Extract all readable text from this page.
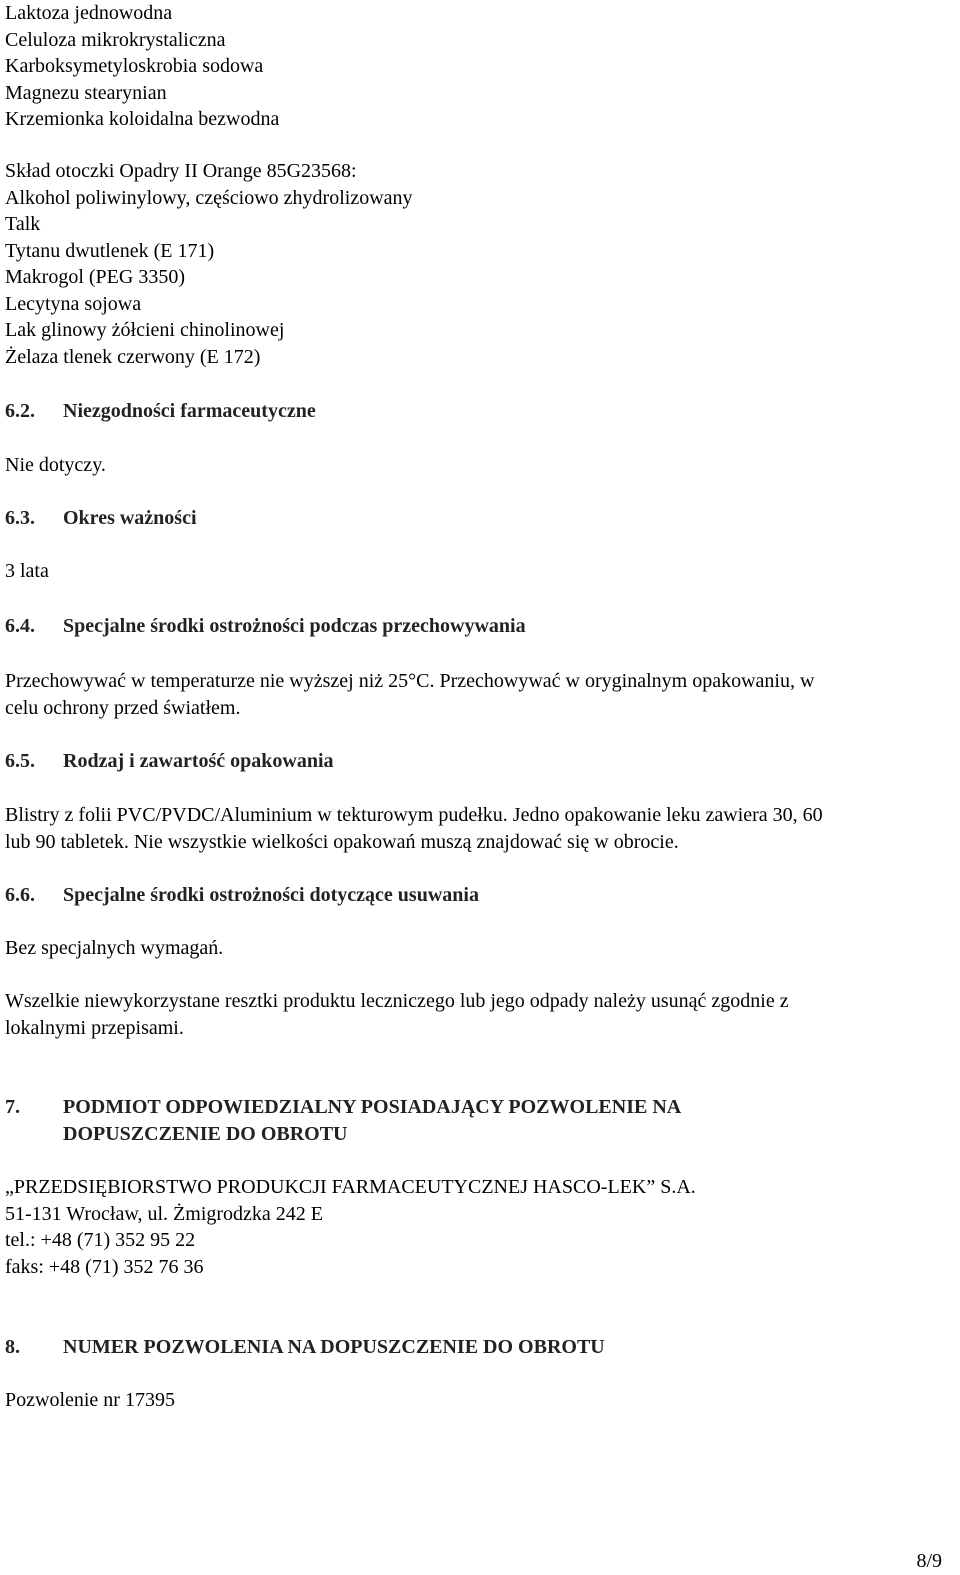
Laktoza jednowodna
Celuloza mikrokrystaliczna
Karboksymetyloskrobia sodowa
Magnezu stearynian
Krzemionka koloidalna bezwodna
Skład otoczki Opadry II Orange 85G23568:
Alkohol poliwinylowy, częściowo zhydrolizowany
Talk
Tytanu dwutlenek (E 171)
Makrogol (PEG 3350)
Lecytyna sojowa
Lak glinowy żółcieni chinolinowej
Żelaza tlenek czerwony (E 172)
6.2. Niezgodności farmaceutyczne
Nie dotyczy.
6.3. Okres ważności
3 lata
6.4. Specjalne środki ostrożności podczas przechowywania
Przechowywać w temperaturze nie wyższej niż 25°C. Przechowywać w oryginalnym opakowaniu, w
celu ochrony przed światłem.
6.5. Rodzaj i zawartość opakowania
Blistry z folii PVC/PVDC/Aluminium w tekturowym pudełku. Jedno opakowanie leku zawiera 30, 60
lub 90 tabletek. Nie wszystkie wielkości opakowań muszą znajdować się w obrocie.
6.6. Specjalne środki ostrożności dotyczące usuwania
Bez specjalnych wymagań.
Wszelkie niewykorzystane resztki produktu leczniczego lub jego odpady należy usunąć zgodnie z
lokalnymi przepisami.
7. PODMIOT ODPOWIEDZIALNY POSIADAJĄCY POZWOLENIE NA
DOPUSZCZENIE DO OBROTU
„PRZEDSIĘBIORSTWO PRODUKCJI FARMACEUTYCZNEJ HASCO-LEK” S.A.
51-131 Wrocław, ul. Żmigrodzka 242 E
tel.: +48 (71) 352 95 22
faks: +48 (71) 352 76 36
8. NUMER POZWOLENIA NA DOPUSZCZENIE DO OBROTU
Pozwolenie nr 17395
8/9
